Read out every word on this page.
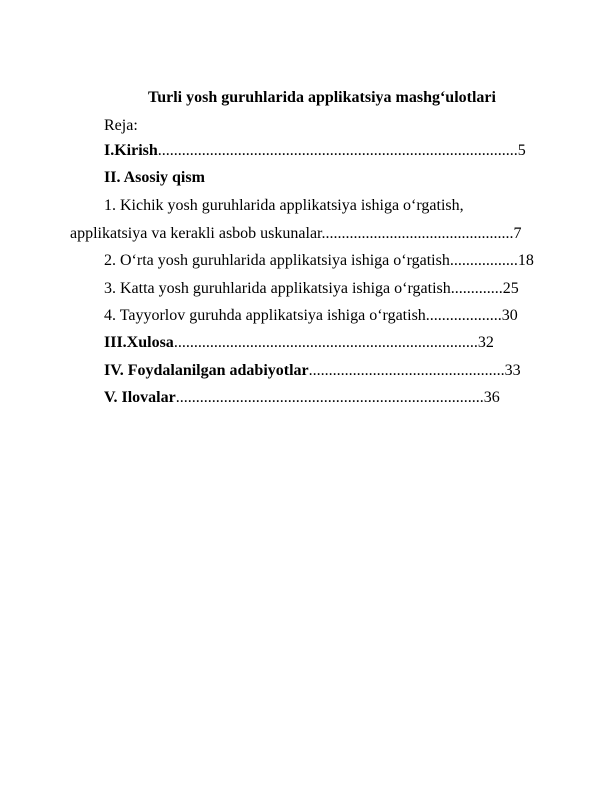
Turli yosh guruhlarida applikatsiya mashg‘ulotlari
Reja:
I.Kirish..........................................................................................5
II. Asosiy qism
1. Kichik yosh guruhlarida applikatsiya ishiga o‘rgatish,
applikatsiya va kerakli asbob uskunalar................................................7
2. O‘rta yosh guruhlarida applikatsiya ishiga o‘rgatish.................18
3. Katta yosh guruhlarida applikatsiya ishiga o‘rgatish.............25
4. Tayyorlov guruhda applikatsiya ishiga o‘rgatish...................30
III.Xulosa............................................................................32
IV. Foydalanilgan adabiyotlar.................................................33
V. Ilovalar.............................................................................36
